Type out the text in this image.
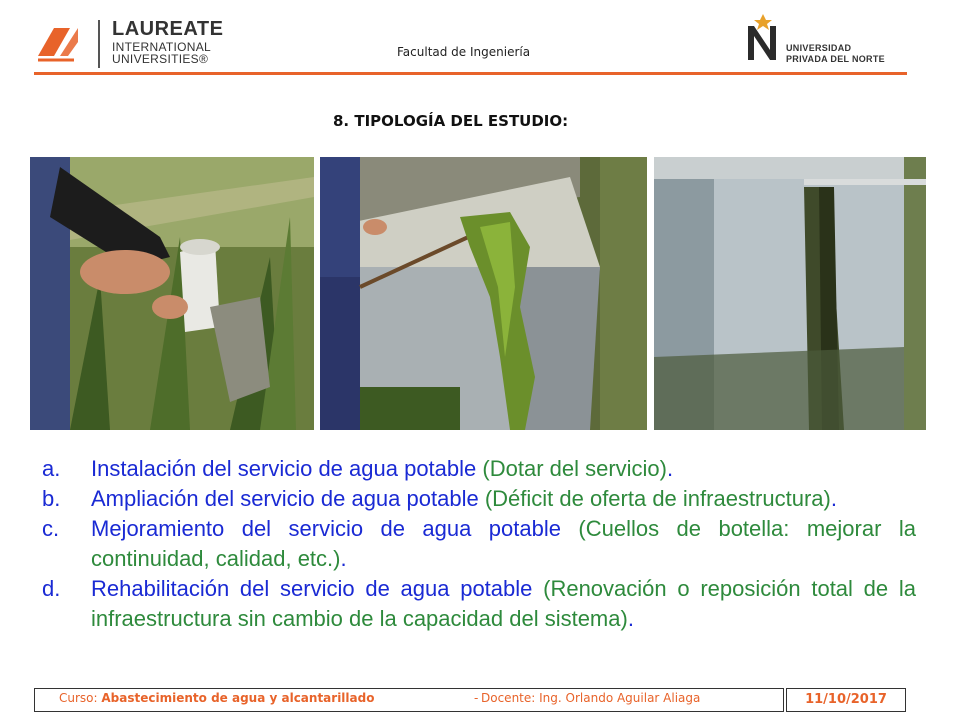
LAUREATE
INTERNATIONAL
UNIVERSITIES®	Facultad de Ingeniería	UNIVERSIDAD
PRIVADA DEL NORTE
8. TIPOLOGÍA DEL ESTUDIO:
a. Instalación del servicio de agua potable (Dotar del servicio).
b. Ampliación del servicio de agua potable (Déficit de oferta de infraestructura).
c. Mejoramiento del servicio de agua potable (Cuellos de botella: mejorar la continuidad, calidad, etc.).
d. Rehabilitación del servicio de agua potable (Renovación o reposición total de la infraestructura sin cambio de la capacidad del sistema).
Curso: Abastecimiento de agua y alcantarillado	- Docente: Ing. Orlando Aguilar Aliaga	11/10/2017
